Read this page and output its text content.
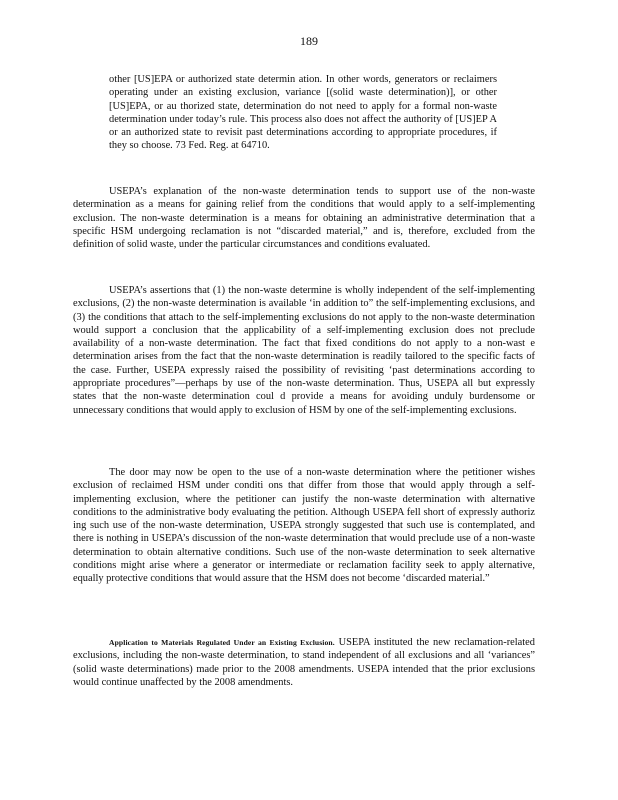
189

other [US]EPA or authorized state determin ation. In other words, generators or reclaimers operating under an existing exclusion, variance [(solid waste determination)], or other [US]EPA, or au thorized state, determination do not need to apply for a formal non-waste determination under today’s rule. This process also does not affect the authority of [US]EP A or an authorized state to revisit past determinations according to appropriate procedures, if they so choose. 73 Fed. Reg. at 64710.

USEPA’s explanation of the non-waste determination tends to support use of the non-waste determination as a means for gaining relief from the conditions that would apply to a self-implementing exclusion. The non-waste determination is a means for obtaining an administrative determination that a specific HSM undergoing reclamation is not “discarded material,” and is, therefore, excluded from the definition of solid waste, under the particular circumstances and conditions evaluated.

USEPA’s assertions that (1) the non-waste determine is wholly independent of the self-implementing exclusions, (2) the non-waste determination is available ‘in addition to” the self-implementing exclusions, and (3) the conditions that attach to the self-implementing exclusions do not apply to the non-waste determination would support a conclusion that the applicability of a self-implementing exclusion does not preclude availability of a non-waste determination. The fact that fixed conditions do not apply to a non-wast e determination arises from the fact that the non-waste determination is readily tailored to the specific facts of the case. Further, USEPA expressly raised the possibility of revisiting ‘past determinations according to appropriate procedures”—perhaps by use of the non-waste determination. Thus, USEPA all but expressly states that the non-waste determination coul d provide a means for avoiding unduly burdensome or unnecessary conditions that would apply to exclusion of HSM by one of the self-implementing exclusions.

The door may now be open to the use of a non-waste determination where the petitioner wishes exclusion of reclaimed HSM under conditi ons that differ from those that would apply through a self-implementing exclusion, where the petitioner can justify the non-waste determination with alternative conditions to the administrative body evaluating the petition. Although USEPA fell short of expressly authoriz ing such use of the non-waste determination, USEPA strongly suggested that such use is contemplated, and there is nothing in USEPA’s discussion of the non-waste determination that would preclude use of a non-waste determination to obtain alternative conditions. Such use of the non-waste determination to seek alternative conditions might arise where a generator or intermediate or reclamation facility seek to apply alternative, equally protective conditions that would assure that the HSM does not become ‘discarded material.”

Application to Materials Regulated Under an Existing Exclusion. USEPA instituted the new reclamation-related exclusions, including the non-waste determination, to stand independent of all exclusions and all ‘variances” (solid waste determinations) made prior to the 2008 amendments. USEPA intended that the prior exclusions would continue unaffected by the 2008 amendments.
